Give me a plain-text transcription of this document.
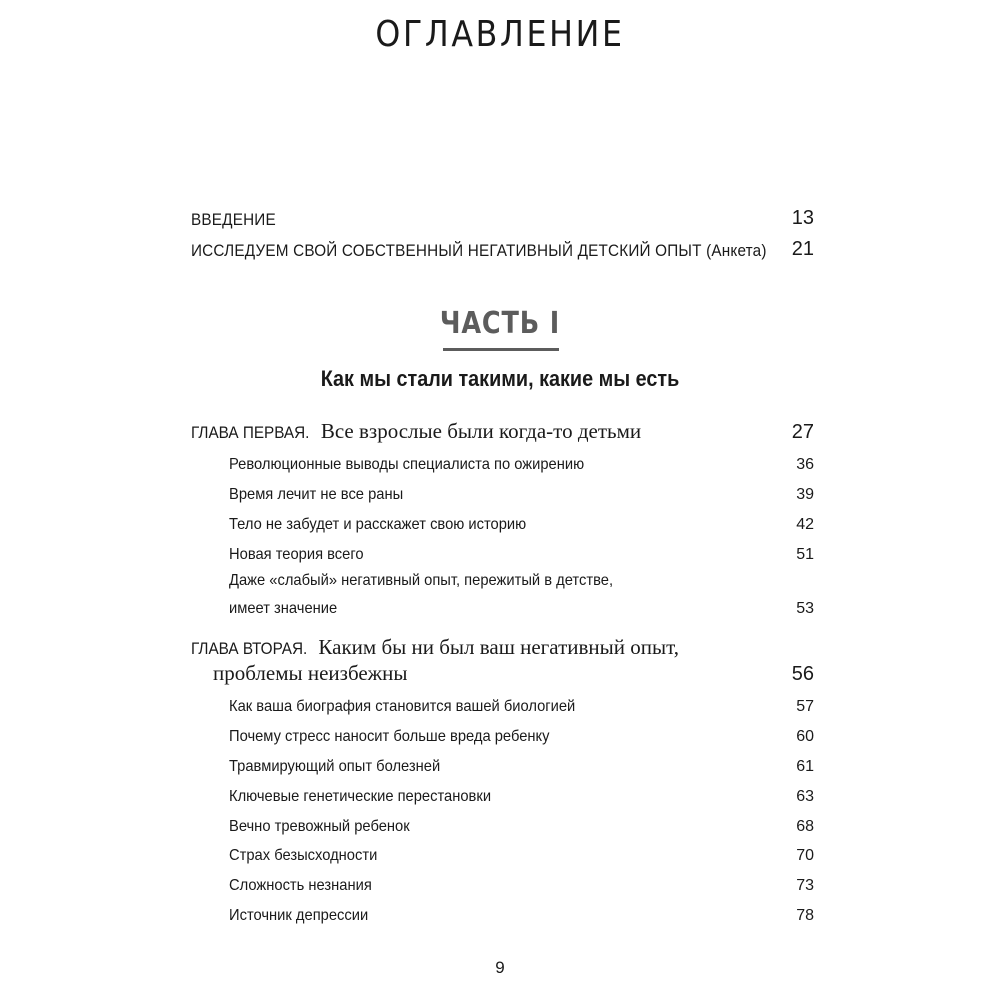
ОГЛАВЛЕНИЕ
ВВЕДЕНИЕ	13
ИССЛЕДУЕМ СВОЙ СОБСТВЕННЫЙ НЕГАТИВНЫЙ ДЕТСКИЙ ОПЫТ (Анкета) 21
ЧАСТЬ I
Как мы стали такими, какие мы есть
ГЛАВА ПЕРВАЯ. Все взрослые были когда-то детьми	27
Революционные выводы специалиста по ожирению	36
Время лечит не все раны	39
Тело не забудет и расскажет свою историю	42
Новая теория всего	51
Даже «слабый» негативный опыт, пережитый в детстве,
имеет значение	53
ГЛАВА ВТОРАЯ. Каким бы ни был ваш негативный опыт,
проблемы неизбежны	56
Как ваша биография становится вашей биологией	57
Почему стресс наносит больше вреда ребенку	60
Травмирующий опыт болезней	61
Ключевые генетические перестановки	63
Вечно тревожный ребенок	68
Страх безысходности	70
Сложность незнания	73
Источник депрессии	78
9
